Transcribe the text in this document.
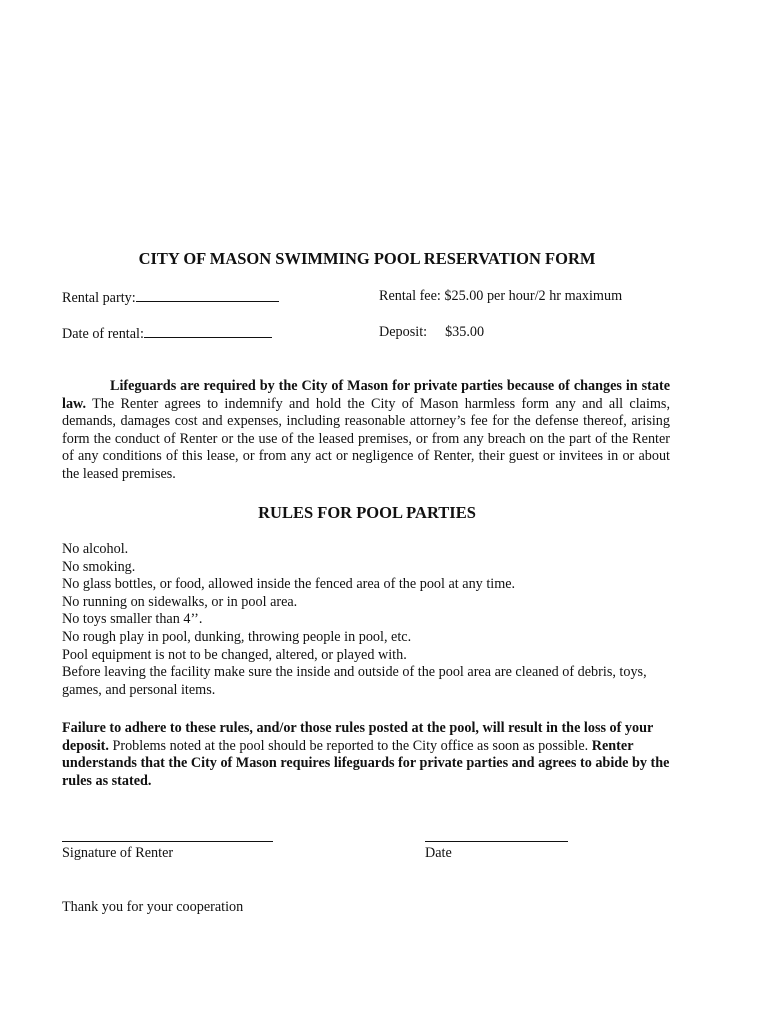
CITY OF MASON SWIMMING POOL RESERVATION FORM
Rental party:	Rental fee: $25.00 per hour/2 hr maximum
Date of rental:	Deposit: $35.00
Lifeguards are required by the City of Mason for private parties because of changes in state law. The Renter agrees to indemnify and hold the City of Mason harmless form any and all claims, demands, damages cost and expenses, including reasonable attorney’s fee for the defense thereof, arising form the conduct of Renter or the use of the leased premises, or from any breach on the part of the Renter of any conditions of this lease, or from any act or negligence of Renter, their guest or invitees in or about the leased premises.
RULES FOR POOL PARTIES
No alcohol.
No smoking.
No glass bottles, or food, allowed inside the fenced area of the pool at any time.
No running on sidewalks, or in pool area.
No toys smaller than 4’’.
No rough play in pool, dunking, throwing people in pool, etc.
Pool equipment is not to be changed, altered, or played with.
Before leaving the facility make sure the inside and outside of the pool area are cleaned of debris, toys, games, and personal items.
Failure to adhere to these rules, and/or those rules posted at the pool, will result in the loss of your deposit. Problems noted at the pool should be reported to the City office as soon as possible. Renter understands that the City of Mason requires lifeguards for private parties and agrees to abide by the rules as stated.
Signature of Renter	Date
Thank you for your cooperation
